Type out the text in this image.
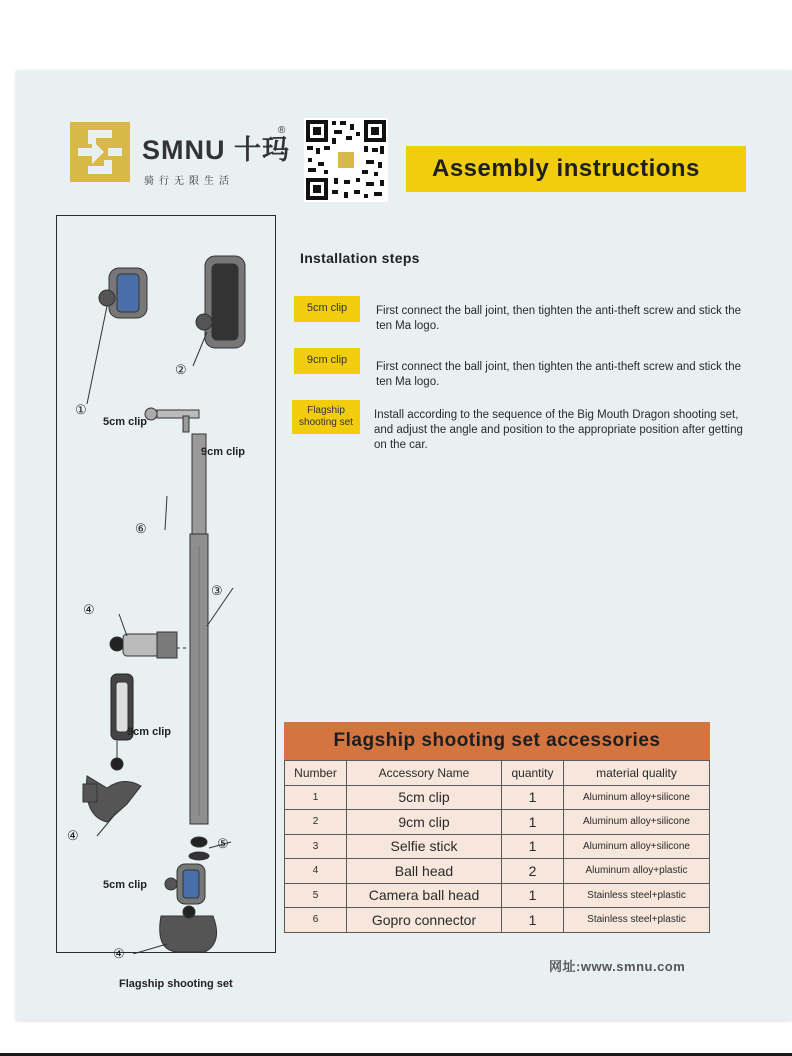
SMNU 十玛
®
骑行无限生活	Assembly instructions
5cm clip
9cm clip
9cm clip
5cm clip
Flagship shooting set
①
②
⑥
③
④
④
⑤
④
Installation steps
5cm clip	First connect the ball joint, then tighten the anti-theft screw and stick the ten Ma logo.
9cm clip
First connect the ball joint, then tighten the anti-theft screw and stick the ten Ma logo.
Flagship shooting set
Install according to the sequence of the Big Mouth Dragon shooting set, and adjust the angle and position to the appropriate position after getting on the car.
Flagship shooting set accessories
Number	Accessory Name	quantity	material quality
1	5cm clip	1	Aluminum alloy+silicone
2	9cm clip	1	Aluminum alloy+silicone
3	Selfie stick	1	Aluminum alloy+silicone
4	Ball head	2	Aluminum alloy+plastic
5	Camera ball head	1	Stainless steel+plastic
6	Gopro connector	1	Stainless steel+plastic
网址:www.smnu.com
